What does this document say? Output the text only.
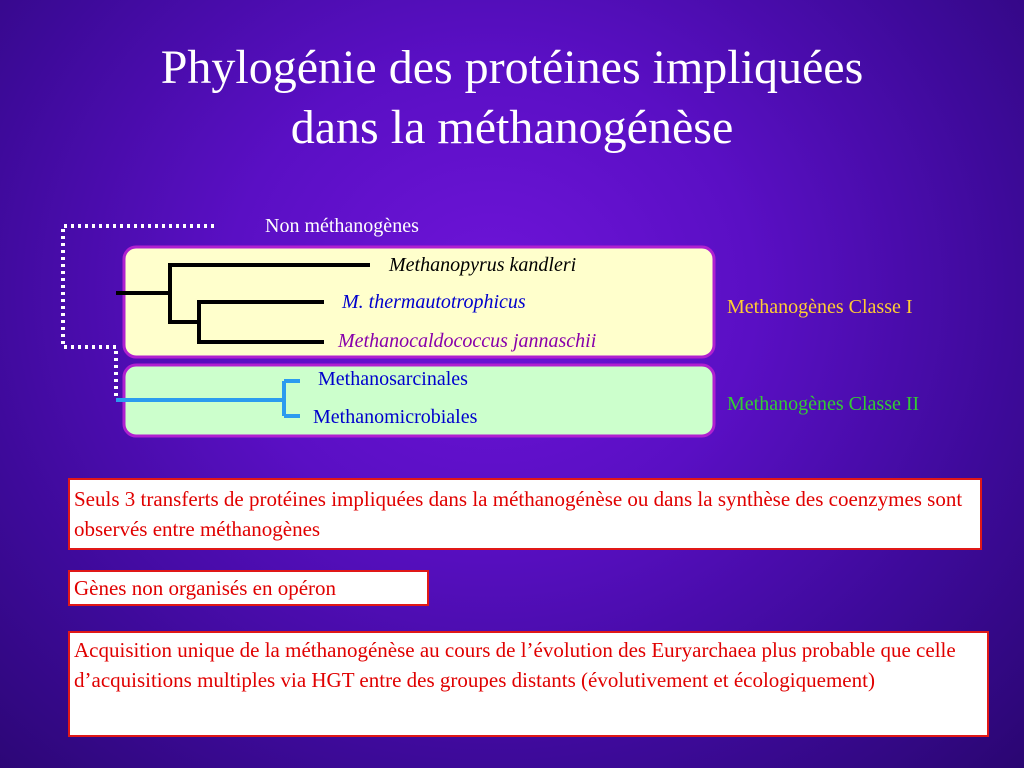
Phylogénie des protéines impliquées
dans la méthanogénèse
Non méthanogènes
Methanopyrus kandleri
M. thermautotrophicus
Methanocaldococcus jannaschii
Methanosarcinales
Methanomicrobiales
Methanogènes Classe I
Methanogènes Classe II
Seuls 3 transferts de protéines impliquées dans la méthanogénèse ou dans la synthèse des coenzymes sont observés entre méthanogènes
Gènes non organisés en opéron
Acquisition unique de la méthanogénèse au cours de l’évolution des Euryarchaea plus probable que celle d’acquisitions multiples via HGT entre des groupes distants (évolutivement et écologiquement)
